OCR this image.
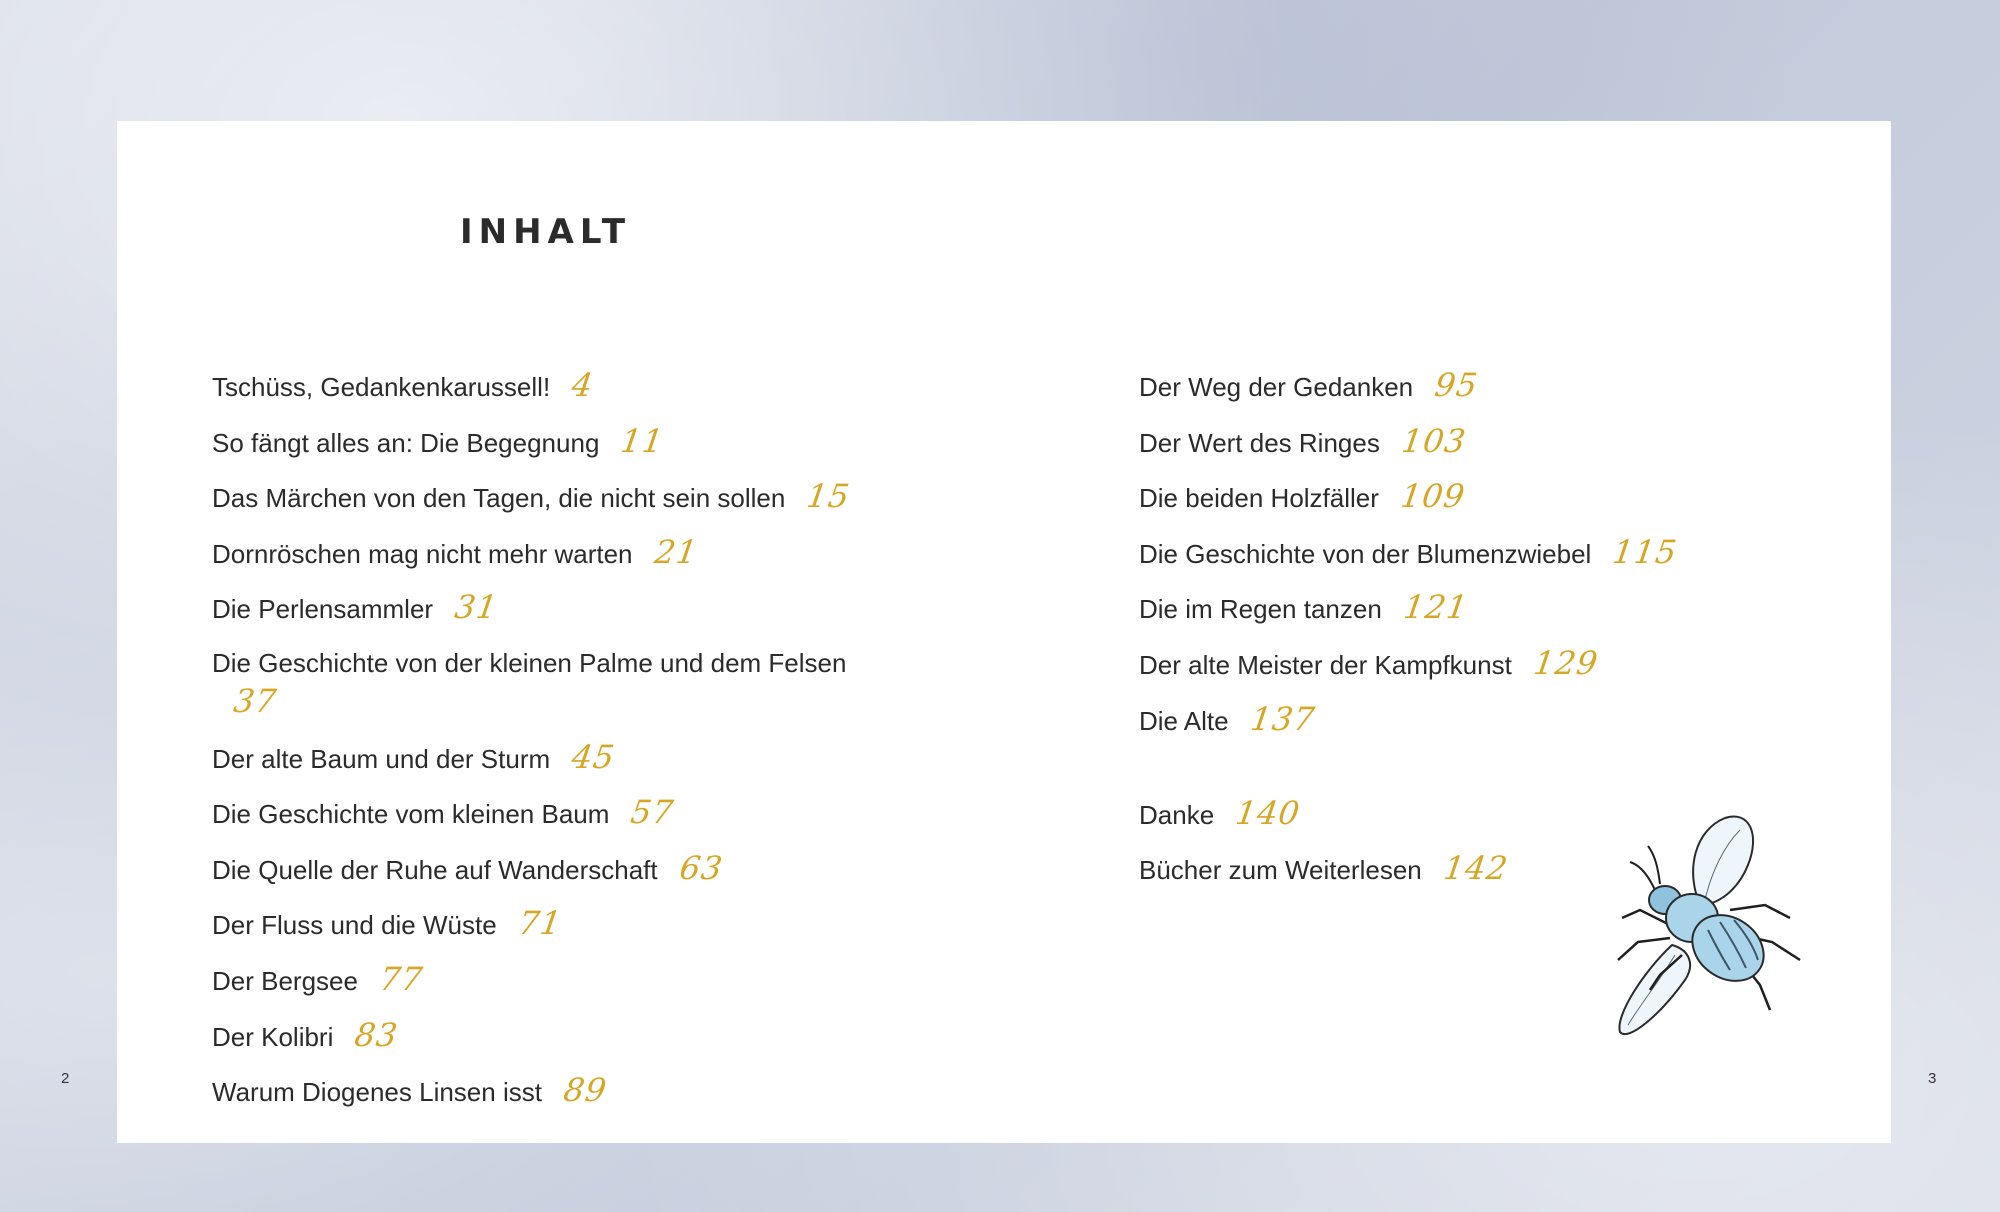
INHALT
Tschüss, Gedankenkarussell! 4
So fängt alles an: Die Begegnung 11
Das Märchen von den Tagen, die nicht sein sollen 15
Dornröschen mag nicht mehr warten 21
Die Perlensammler 31
Die Geschichte von der kleinen Palme und dem Felsen37
Der alte Baum und der Sturm 45
Die Geschichte vom kleinen Baum 57
Die Quelle der Ruhe auf Wanderschaft 63
Der Fluss und die Wüste 71
Der Bergsee 77
Der Kolibri 83
Warum Diogenes Linsen isst 89
Der Weg der Gedanken 95
Der Wert des Ringes 103
Die beiden Holzfäller 109
Die Geschichte von der Blumenzwiebel 115
Die im Regen tanzen 121
Der alte Meister der Kampfkunst 129
Die Alte 137
Danke 140
Bücher zum Weiterlesen 142
2	3
